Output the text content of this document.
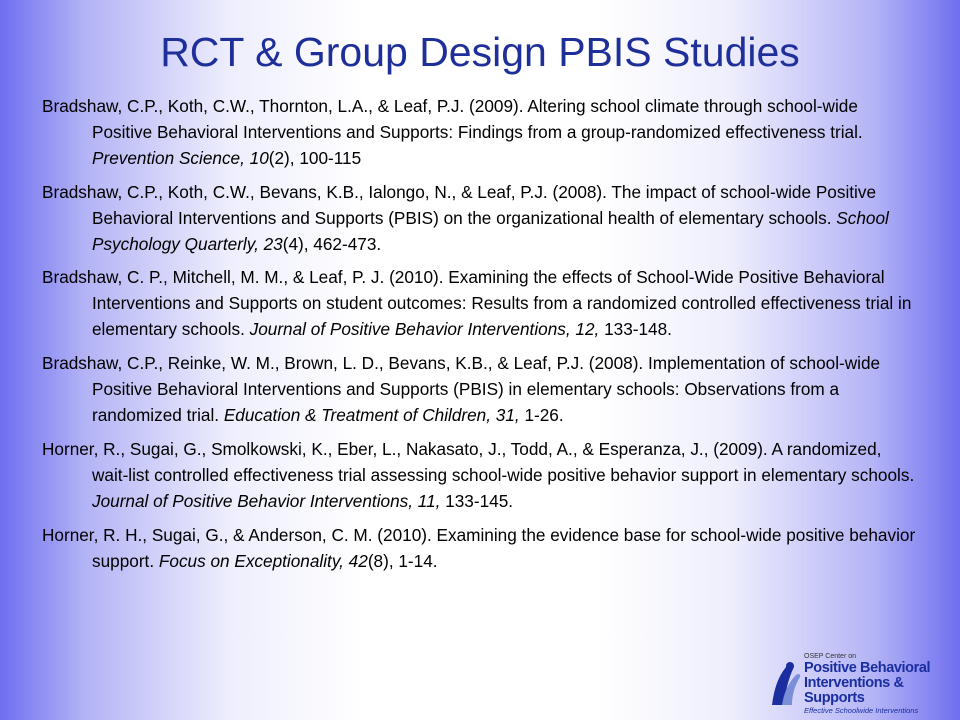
RCT & Group Design PBIS Studies

Bradshaw, C.P., Koth, C.W., Thornton, L.A., & Leaf, P.J. (2009). Altering school climate through school-wide Positive Behavioral Interventions and Supports: Findings from a group-randomized effectiveness trial. Prevention Science, 10(2), 100-115

Bradshaw, C.P., Koth, C.W., Bevans, K.B., Ialongo, N., & Leaf, P.J. (2008). The impact of school-wide Positive Behavioral Interventions and Supports (PBIS) on the organizational health of elementary schools. School Psychology Quarterly, 23(4), 462-473.

Bradshaw, C. P., Mitchell, M. M., & Leaf, P. J. (2010). Examining the effects of School-Wide Positive Behavioral Interventions and Supports on student outcomes: Results from a randomized controlled effectiveness trial in elementary schools. Journal of Positive Behavior Interventions, 12, 133-148.

Bradshaw, C.P., Reinke, W. M., Brown, L. D., Bevans, K.B., & Leaf, P.J. (2008). Implementation of school-wide Positive Behavioral Interventions and Supports (PBIS) in elementary schools: Observations from a randomized trial. Education & Treatment of Children, 31, 1-26.

Horner, R., Sugai, G., Smolkowski, K., Eber, L., Nakasato, J., Todd, A., & Esperanza, J., (2009). A randomized, wait-list controlled effectiveness trial assessing school-wide positive behavior support in elementary schools. Journal of Positive Behavior Interventions, 11, 133-145.

Horner, R. H., Sugai, G., & Anderson, C. M. (2010). Examining the evidence base for school-wide positive behavior support. Focus on Exceptionality, 42(8), 1-14.

OSEP Center on
Positive Behavioral
Interventions & Supports
Effective Schoolwide Interventions
